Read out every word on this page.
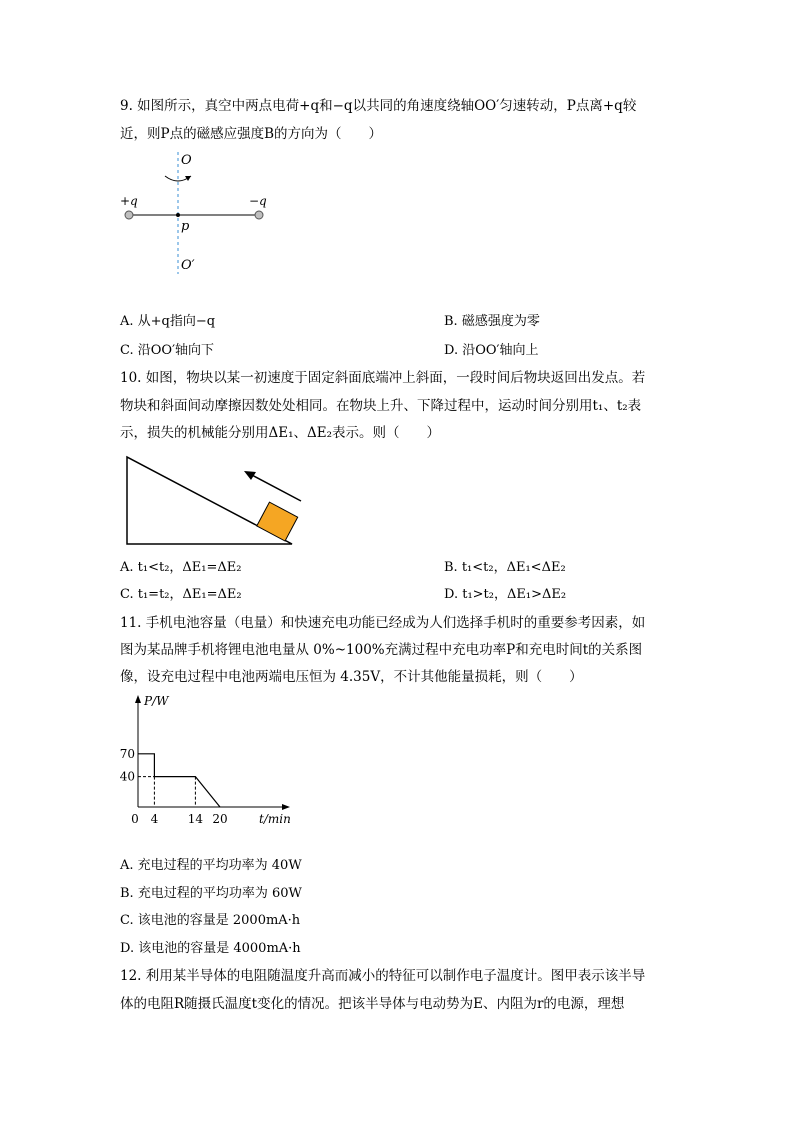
9. 如图所示，真空中两点电荷+q和−q以共同的角速度绕轴OO′匀速转动，P点离+q较
近，则P点的磁感应强度B的方向为（　　）
O
O′
+q	−q
p
A. 从+q指向−q	B. 磁感强度为零
C. 沿OO′轴向下	D. 沿OO′轴向上
10. 如图，物块以某一初速度于固定斜面底端冲上斜面，一段时间后物块返回出发点。若
物块和斜面间动摩擦因数处处相同。在物块上升、下降过程中，运动时间分别用t₁、t₂表
示，损失的机械能分别用ΔE₁、ΔE₂表示。则（　　）
A. t₁<t₂，ΔE₁=ΔE₂	B. t₁<t₂，ΔE₁<ΔE₂
C. t₁=t₂，ΔE₁=ΔE₂	D. t₁>t₂，ΔE₁>ΔE₂
11. 手机电池容量（电量）和快速充电功能已经成为人们选择手机时的重要参考因素，如
图为某品牌手机将锂电池电量从 0%~100%充满过程中充电功率P和充电时间t的关系图
像，设充电过程中电池两端电压恒为 4.35V，不计其他能量损耗，则（　　）
P/W
t/min
0 4 14 20
40
70
A. 充电过程的平均功率为 40W
B. 充电过程的平均功率为 60W
C. 该电池的容量是 2000mA·h
D. 该电池的容量是 4000mA·h
12. 利用某半导体的电阻随温度升高而减小的特征可以制作电子温度计。图甲表示该半导
体的电阻R随摄氏温度t变化的情况。把该半导体与电动势为E、内阻为r的电源，理想
